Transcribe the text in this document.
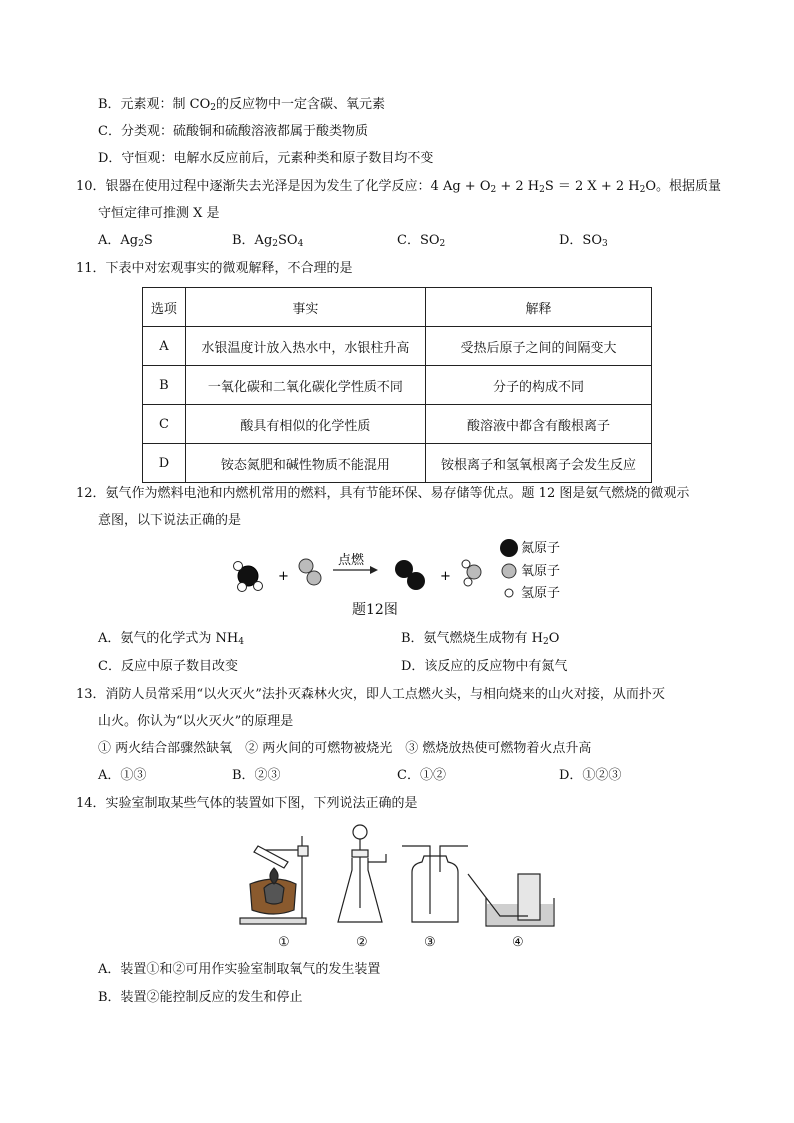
B．元素观：制 $CO_2$的反应物中一定含碳、氧元素
C．分类观：硫酸铜和硫酸溶液都属于酸类物质
D．守恒观：电解水反应前后，元素种类和原子数目均不变
10．银器在使用过程中逐渐失去光泽是因为发生了化学反应：4 $Ag + O_2 + 2$ $H_2S = 2$ X + 2 $H_2O$。根据质量
守恒定律可推测 X 是
A．$Ag_2S$	B．$Ag_2SO_4$	C．$SO_2$	D．$SO_3$
11．下表中对宏观事实的微观解释，不合理的是
选项	事实	解释
A	水银温度计放入热水中，水银柱升高	受热后原子之间的间隔变大
B	一氧化碳和二氧化碳化学性质不同	分子的构成不同
C	酸具有相似的化学性质	酸溶液中都含有酸根离子
D	铵态氮肥和碱性物质不能混用	铵根离子和氢氧根离子会发生反应
12．氨气作为燃料电池和内燃机常用的燃料，具有节能环保、易存储等优点。题 12 图是氨气燃烧的微观示
意图，以下说法正确的是
+
点燃
+
氮原子
氧原子
氢原子
题12图
A．氨气的化学式为 $NH_4$	B．氨气燃烧生成物有 $H_2O$
C．反应中原子数目改变	D．该反应的反应物中有氮气
13．消防人员常采用“以火灭火”法扑灭森林火灾，即人工点燃火头，与相向烧来的山火对接，从而扑灭
山火。你认为“以火灭火”的原理是
① 两火结合部骤然缺氧　② 两火间的可燃物被烧光　③ 燃烧放热使可燃物着火点升高
A．①③	B．②③	C．①②	D．①②③
14．实验室制取某些气体的装置如下图，下列说法正确的是
①	②	③	④
A．装置①和②可用作实验室制取氧气的发生装置
B．装置②能控制反应的发生和停止
